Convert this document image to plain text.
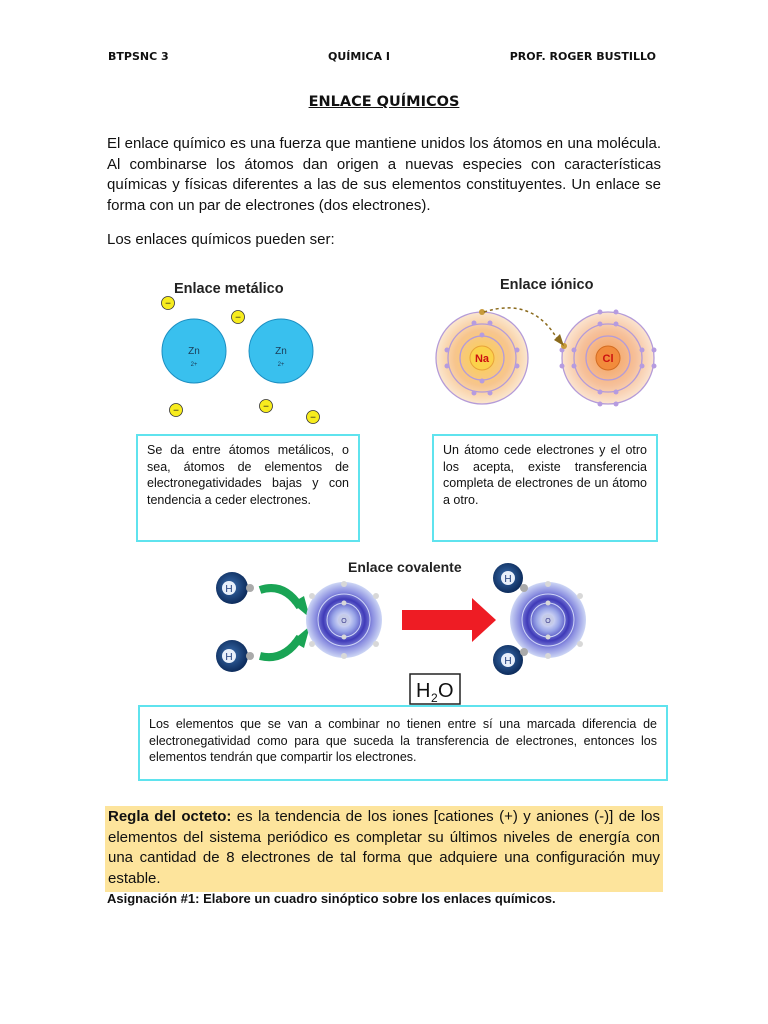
BTPSNC 3	QUÍMICA I	PROF. ROGER BUSTILLO
ENLACE QUÍMICOS

El enlace químico es una fuerza que mantiene unidos los átomos en una molécula. Al combinarse los átomos dan origen a nuevas especies con características químicas y físicas diferentes a las de sus elementos constituyentes. Un enlace se forma con un par de electrones (dos electrones).

Los enlaces químicos pueden ser:

Enlace metálico
Zn
2+
Zn
2+
−
−
−	−
−
Enlace iónico
Na	Cl
Enlace covalente
H
H
O	O
H
H
H 2 O
Se da entre átomos metálicos, o sea, átomos de elementos de electronegatividades bajas y con tendencia a ceder electrones.
Un átomo cede electrones y el otro los acepta, existe transferencia completa de electrones de un átomo a otro.
Los elementos que se van a combinar no tienen entre sí una marcada diferencia de electronegatividad como para que suceda la transferencia de electrones, entonces los elementos tendrán que compartir los electrones.

Regla del octeto: es la tendencia de los iones [cationes (+) y aniones (-)] de los elementos del sistema periódico es completar su últimos niveles de energía con una cantidad de 8 electrones de tal forma que adquiere una configuración muy estable.

Asignación #1: Elabore un cuadro sinóptico sobre los enlaces químicos.
